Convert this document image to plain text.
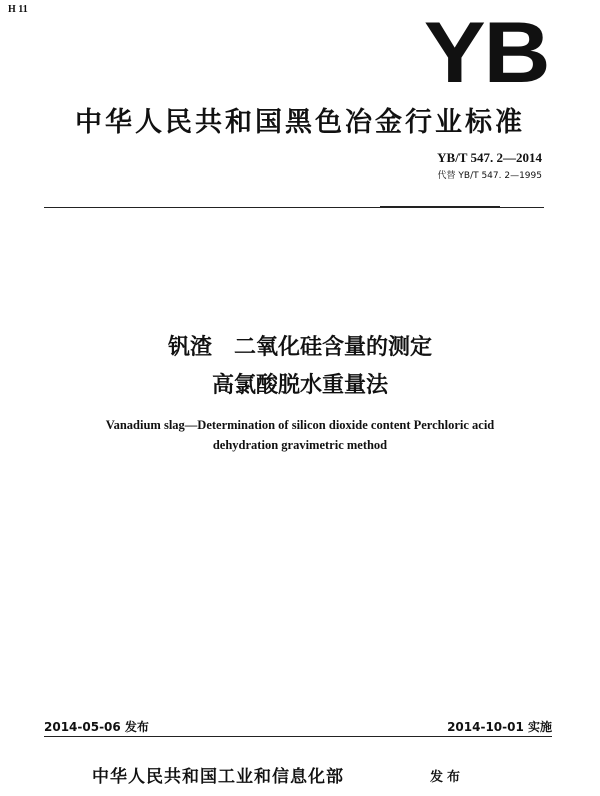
H 11	YB
中华人民共和国黑色冶金行业标准
YB/T 547. 2—2014
代替 YB/T 547. 2—1995
钒渣　二氧化硅含量的测定
高氯酸脱水重量法
Vanadium slag—Determination of silicon dioxide content Perchloric acid
dehydration gravimetric method
2014-05-06 发布	2014-10-01 实施
中华人民共和国工业和信息化部	发布
